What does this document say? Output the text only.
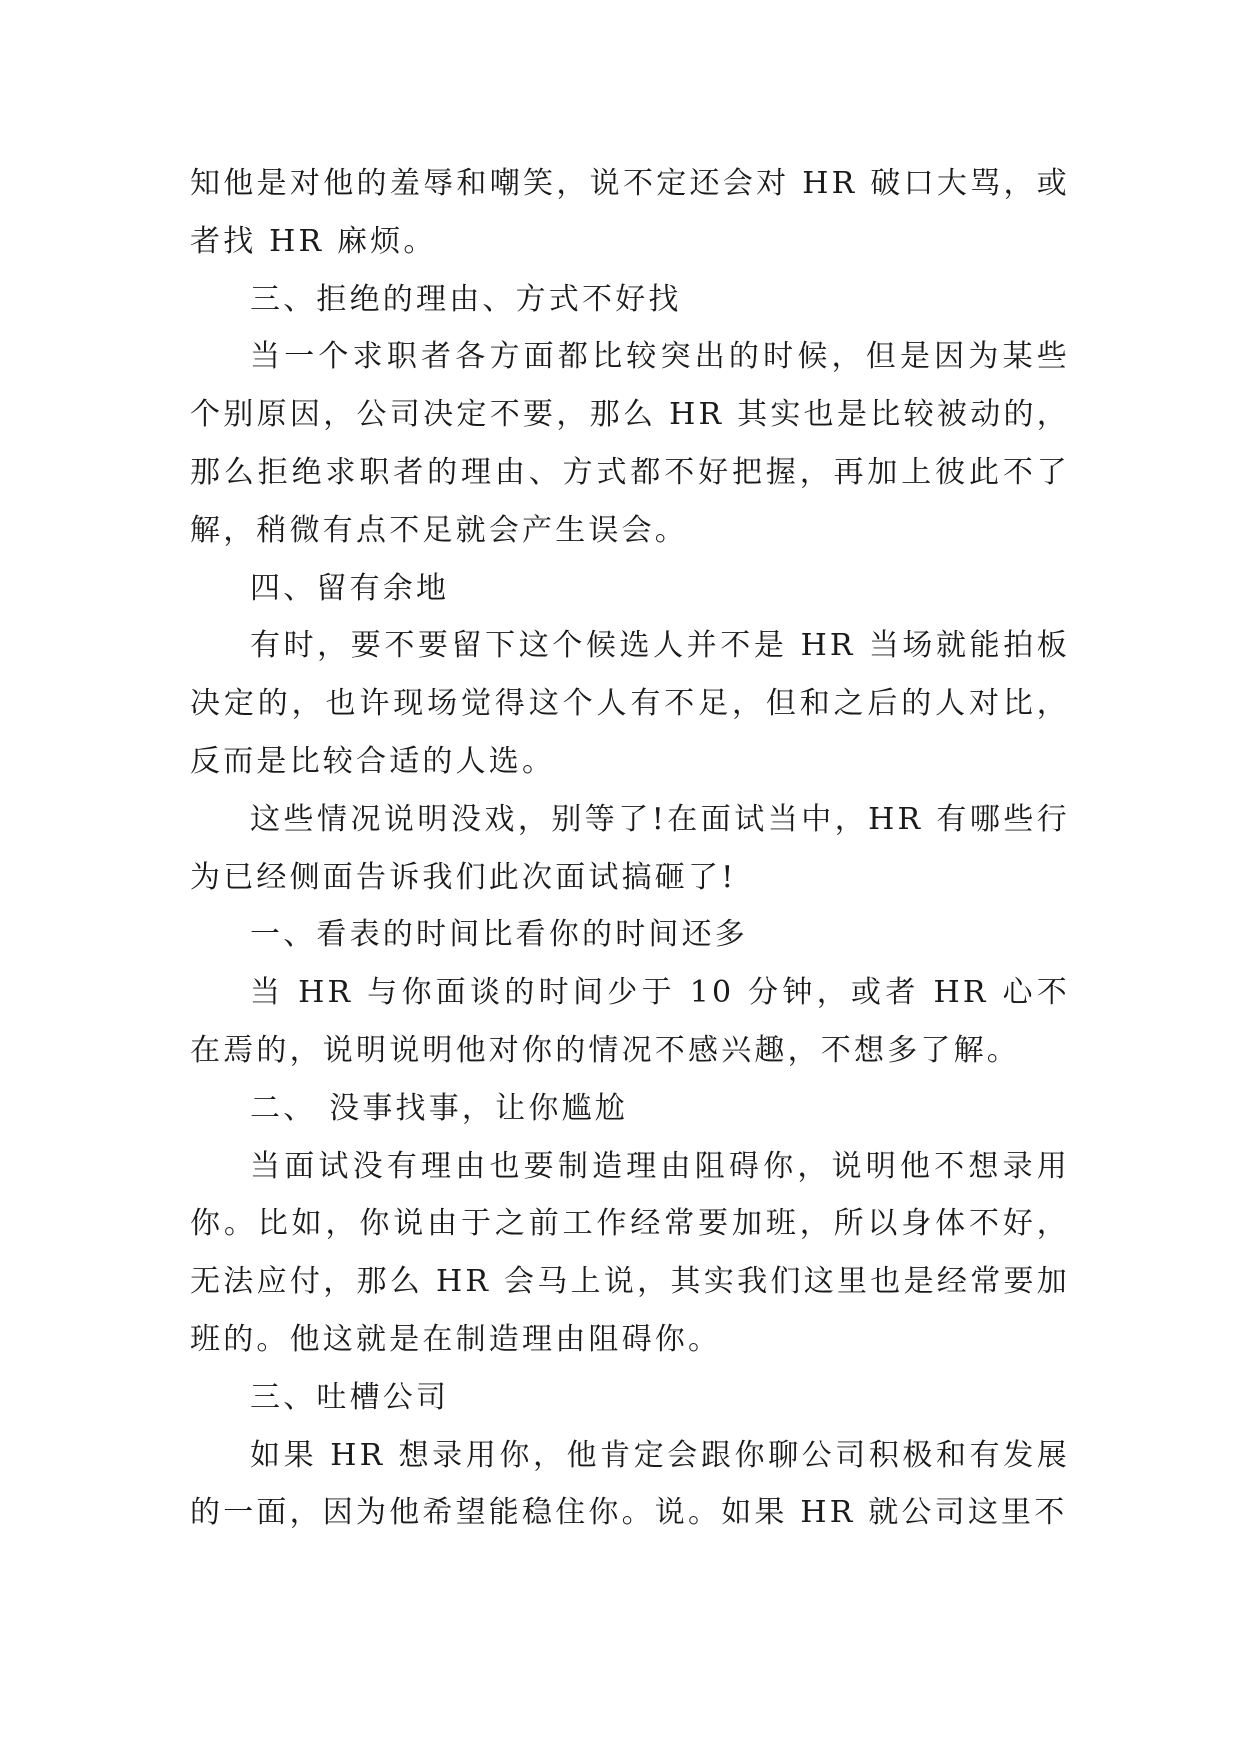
知他是对他的羞辱和嘲笑，说不定还会对 HR 破口大骂，或者找 HR 麻烦。

三、拒绝的理由、方式不好找

当一个求职者各方面都比较突出的时候，但是因为某些个别原因，公司决定不要，那么 HR 其实也是比较被动的，那么拒绝求职者的理由、方式都不好把握，再加上彼此不了解，稍微有点不足就会产生误会。

四、留有余地

有时，要不要留下这个候选人并不是 HR 当场就能拍板决定的，也许现场觉得这个人有不足，但和之后的人对比，反而是比较合适的人选。

这些情况说明没戏，别等了!在面试当中，HR 有哪些行为已经侧面告诉我们此次面试搞砸了!

一、看表的时间比看你的时间还多

当 HR 与你面谈的时间少于 10 分钟，或者 HR 心不在焉的，说明说明他对你的情况不感兴趣，不想多了解。

二、 没事找事，让你尴尬

当面试没有理由也要制造理由阻碍你，说明他不想录用你。比如，你说由于之前工作经常要加班，所以身体不好，无法应付，那么 HR 会马上说，其实我们这里也是经常要加班的。他这就是在制造理由阻碍你。

三、吐槽公司

如果 HR 想录用你，他肯定会跟你聊公司积极和有发展的一面，因为他希望能稳住你。说。如果 HR 就公司这里不
